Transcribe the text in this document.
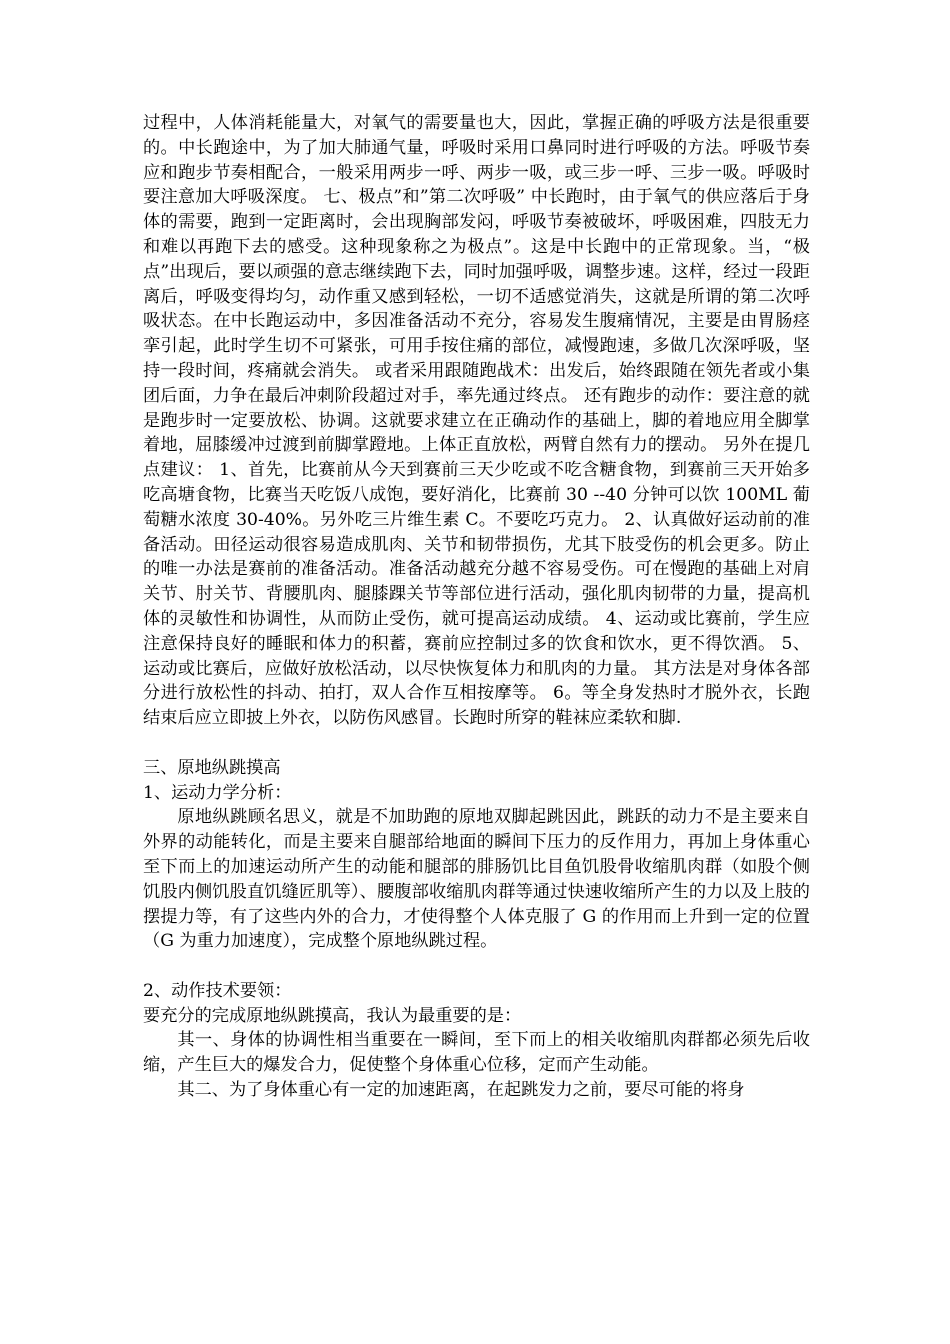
过程中，人体消耗能量大，对氧气的需要量也大，因此，掌握正确的呼吸方法是很重要的。中长跑途中，为了加大肺通气量，呼吸时采用口鼻同时进行呼吸的方法。呼吸节奏应和跑步节奏相配合，一般采用两步一呼、两步一吸，或三步一呼、三步一吸。呼吸时要注意加大呼吸深度。 七、极点”和”第二次呼吸” 中长跑时，由于氧气的供应落后于身体的需要，跑到一定距离时，会出现胸部发闷，呼吸节奏被破坏，呼吸困难，四肢无力和难以再跑下去的感受。这种现象称之为极点”。这是中长跑中的正常现象。当，“极点”出现后，要以顽强的意志继续跑下去，同时加强呼吸，调整步速。这样，经过一段距离后，呼吸变得均匀，动作重又感到轻松，一切不适感觉消失，这就是所谓的第二次呼吸状态。在中长跑运动中，多因准备活动不充分，容易发生腹痛情况，主要是由胃肠痉挛引起，此时学生切不可紧张，可用手按住痛的部位，减慢跑速，多做几次深呼吸，坚持一段时间，疼痛就会消失。 或者采用跟随跑战术：出发后，始终跟随在领先者或小集团后面，力争在最后冲刺阶段超过对手，率先通过终点。 还有跑步的动作：要注意的就是跑步时一定要放松、协调。这就要求建立在正确动作的基础上，脚的着地应用全脚掌着地，屈膝缓冲过渡到前脚掌蹬地。上体正直放松，两臂自然有力的摆动。 另外在提几点建议： 1、首先，比赛前从今天到赛前三天少吃或不吃含糖食物，到赛前三天开始多吃高塘食物，比赛当天吃饭八成饱，要好消化，比赛前 30 --40 分钟可以饮 100ML 葡萄糖水浓度 30-40%。另外吃三片维生素 C。不要吃巧克力。 2、认真做好运动前的准备活动。田径运动很容易造成肌肉、关节和韧带损伤，尤其下肢受伤的机会更多。防止的唯一办法是赛前的准备活动。准备活动越充分越不容易受伤。可在慢跑的基础上对肩关节、肘关节、背腰肌肉、腿膝踝关节等部位进行活动，强化肌肉韧带的力量，提高机体的灵敏性和协调性，从而防止受伤，就可提高运动成绩。 4、运动或比赛前，学生应注意保持良好的睡眠和体力的积蓄，赛前应控制过多的饮食和饮水，更不得饮酒。 5、运动或比赛后，应做好放松活动，以尽快恢复体力和肌肉的力量。 其方法是对身体各部分进行放松性的抖动、拍打，双人合作互相按摩等。 6。等全身发热时才脱外衣，长跑结束后应立即披上外衣，以防伤风感冒。长跑时所穿的鞋袜应柔软和脚.

三、原地纵跳摸高

1、运动力学分析：

原地纵跳顾名思义，就是不加助跑的原地双脚起跳因此，跳跃的动力不是主要来自外界的动能转化，而是主要来自腿部给地面的瞬间下压力的反作用力，再加上身体重心至下而上的加速运动所产生的动能和腿部的腓肠饥比目鱼饥股骨收缩肌肉群（如股个侧饥股内侧饥股直饥缝匠肌等）、腰腹部收缩肌肉群等通过快速收缩所产生的力以及上肢的摆提力等，有了这些内外的合力，才使得整个人体克服了 G 的作用而上升到一定的位置（G 为重力加速度），完成整个原地纵跳过程。

2、动作技术要领：

要充分的完成原地纵跳摸高，我认为最重要的是：

其一、身体的协调性相当重要在一瞬间，至下而上的相关收缩肌肉群都必须先后收缩，产生巨大的爆发合力，促使整个身体重心位移，定而产生动能。

其二、为了身体重心有一定的加速距离，在起跳发力之前，要尽可能的将身
